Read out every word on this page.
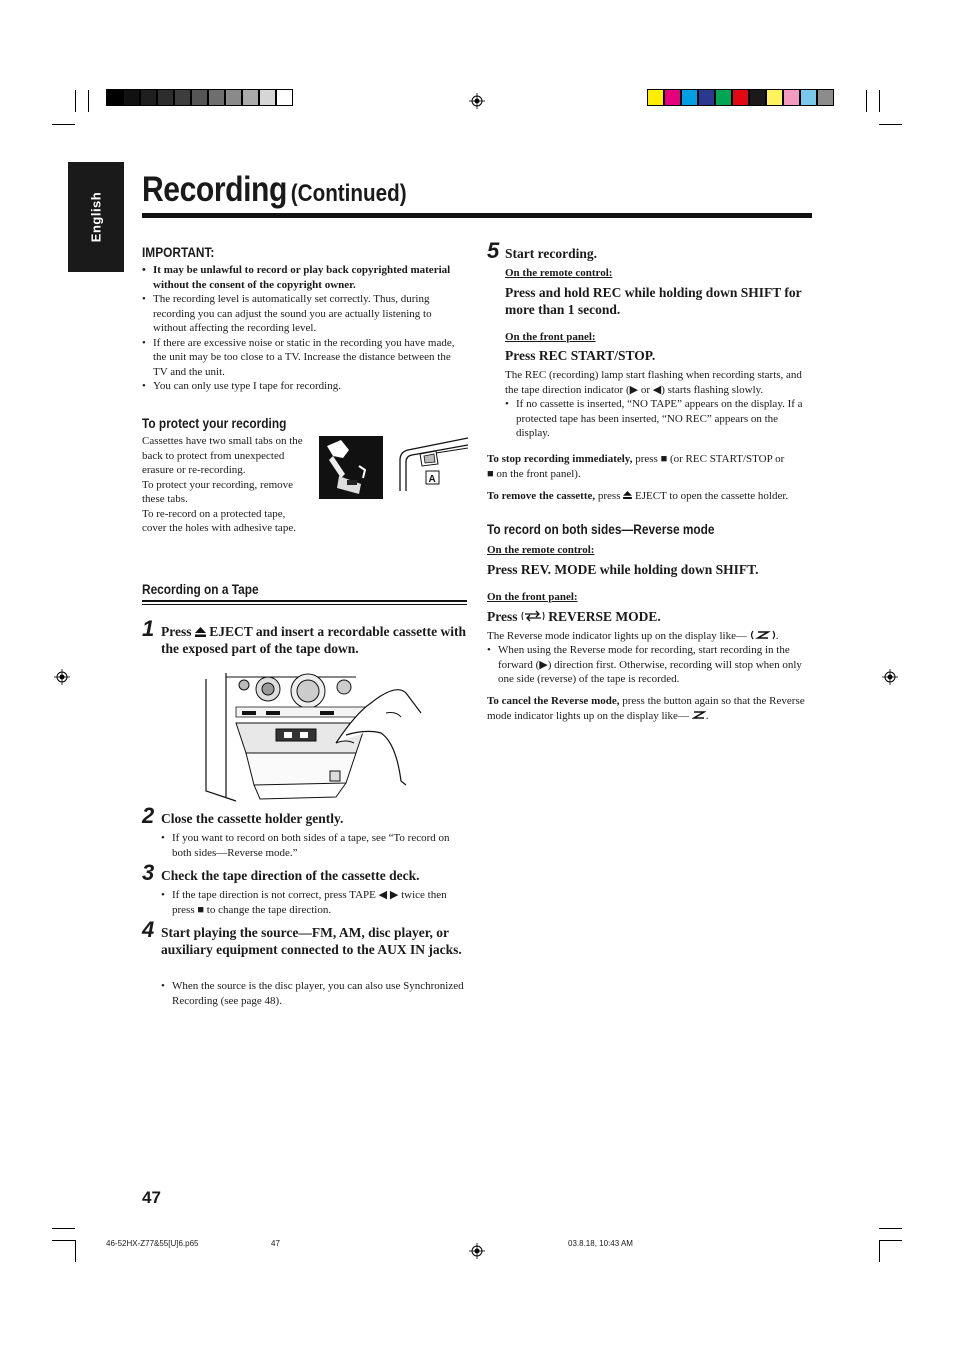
English
Recording (Continued)
IMPORTANT:
• It may be unlawful to record or play back copyrighted material without the consent of the copyright owner.
• The recording level is automatically set correctly. Thus, during recording you can adjust the sound you are actually listening to without affecting the recording level.
• If there are excessive noise or static in the recording you have made, the unit may be too close to a TV. Increase the distance between the TV and the unit.
• You can only use type I tape for recording.
To protect your recording
Cassettes have two small tabs on the back to protect from unexpected erasure or re-recording.
To protect your recording, remove these tabs.
To re-record on a protected tape, cover the holes with adhesive tape.
A
Recording on a Tape
1 Press EJECT and insert a recordable cassette with the exposed part of the tape down.
2 Close the cassette holder gently.
• If you want to record on both sides of a tape, see “To record on both sides—Reverse mode.”
3 Check the tape direction of the cassette deck.
• If the tape direction is not correct, press TAPE ◀ ▶ twice then press ■ to change the tape direction.
4 Start playing the source—FM, AM, disc player, or auxiliary equipment connected to the AUX IN jacks.
• When the source is the disc player, you can also use Synchronized Recording (see page 48).
5 Start recording.
On the remote control:
Press and hold REC while holding down SHIFT for more than 1 second.
On the front panel:
Press REC START/STOP.
The REC (recording) lamp start flashing when recording starts, and the tape direction indicator (▶ or ◀) starts flashing slowly.
• If no cassette is inserted, “NO TAPE” appears on the display. If a protected tape has been inserted, “NO REC” appears on the display.
To stop recording immediately, press ■ (or REC START/STOP or
■ on the front panel).
To remove the cassette, press EJECT to open the cassette holder.
To record on both sides—Reverse mode
On the remote control:
Press REV. MODE while holding down SHIFT.
On the front panel:
Press REVERSE MODE.
The Reverse mode indicator lights up on the display like—	.
• When using the Reverse mode for recording, start recording in the forward (▶) direction first. Otherwise, recording will stop when only one side (reverse) of the tape is recorded.
To cancel the Reverse mode, press the button again so that the Reverse mode indicator lights up on the display like— .
47
46-52HX-Z77&55[U]6.p65	47	03.8.18, 10:43 AM
